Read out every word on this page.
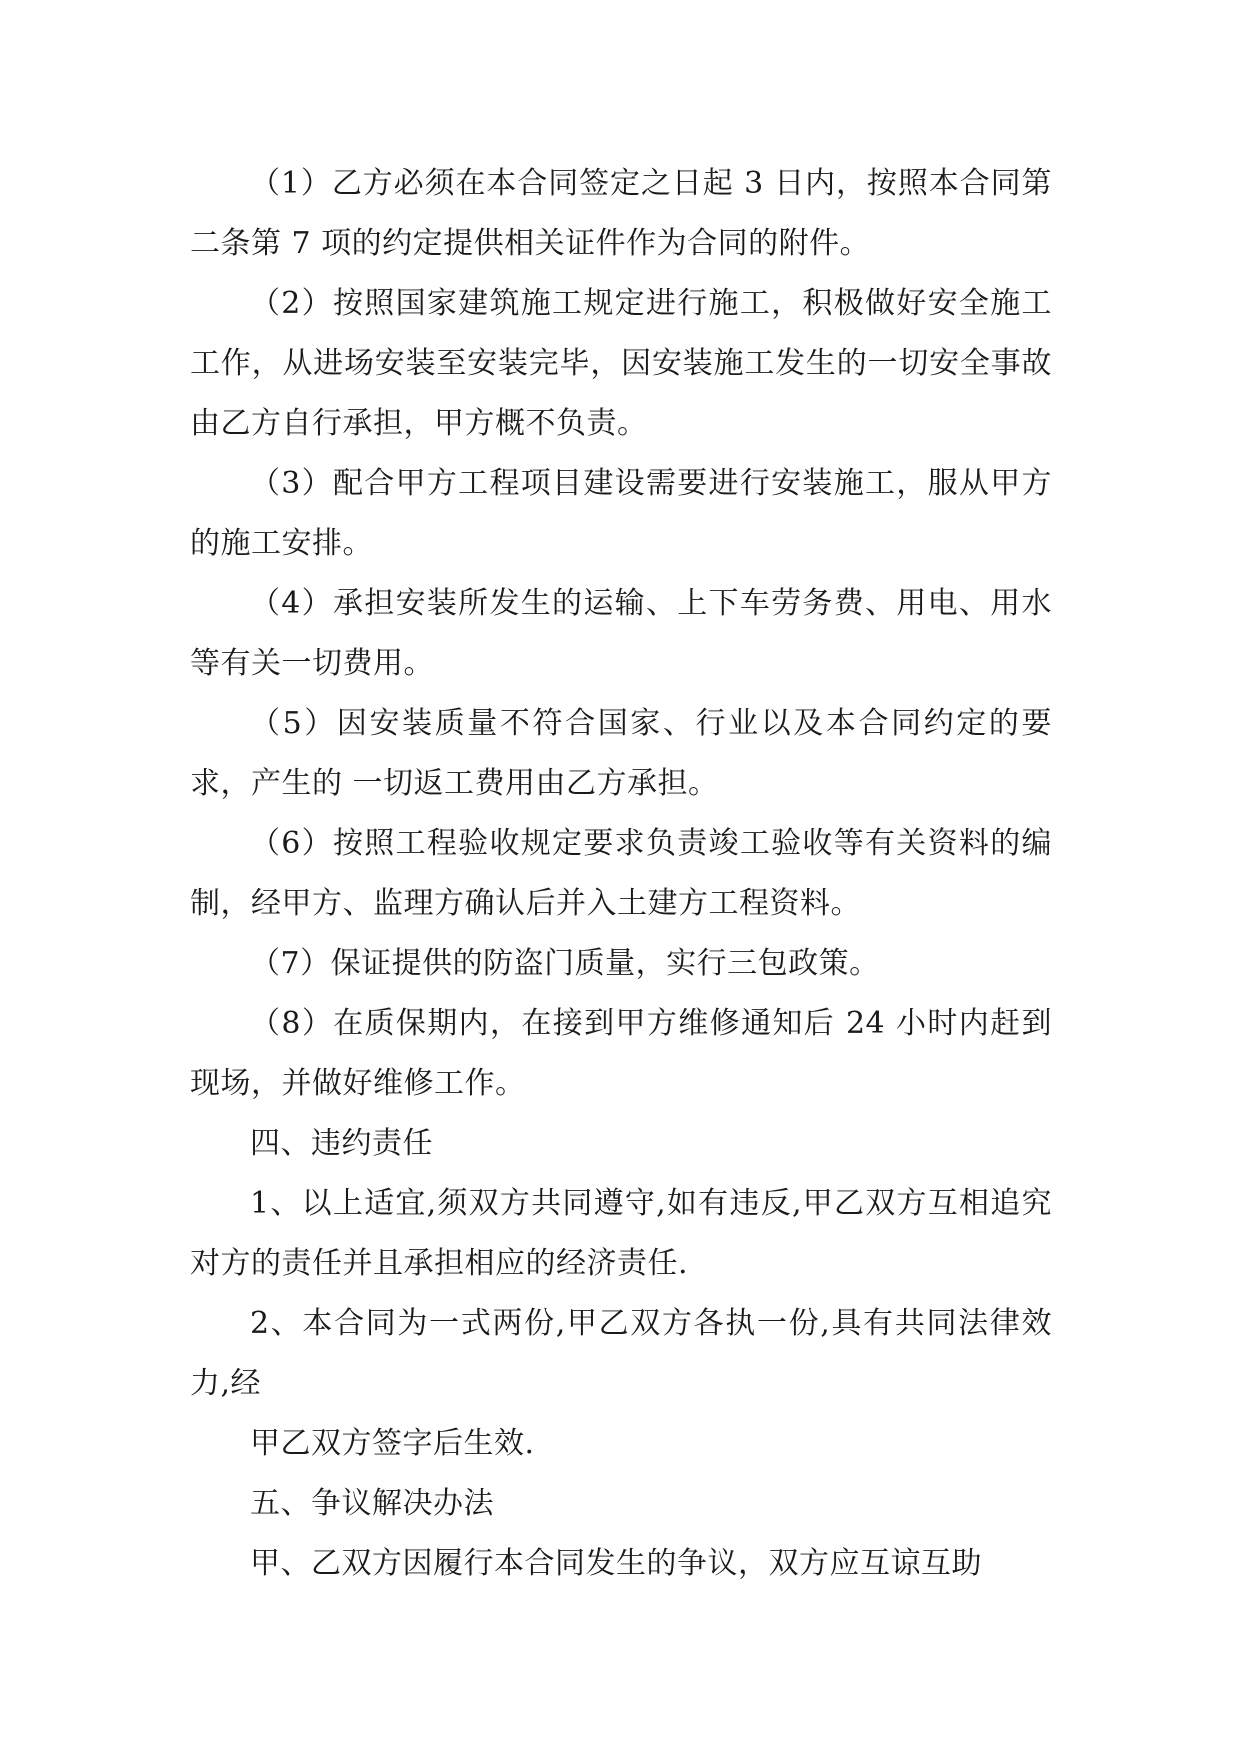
（1）乙方必须在本合同签定之日起 3 日内，按照本合同第二条第 7 项的约定提供相关证件作为合同的附件。

（2）按照国家建筑施工规定进行施工，积极做好安全施工工作，从进场安装至安装完毕，因安装施工发生的一切安全事故由乙方自行承担，甲方概不负责。

（3）配合甲方工程项目建设需要进行安装施工，服从甲方的施工安排。

（4）承担安装所发生的运输、上下车劳务费、用电、用水等有关一切费用。

（5）因安装质量不符合国家、行业以及本合同约定的要求，产生的 一切返工费用由乙方承担。

（6）按照工程验收规定要求负责竣工验收等有关资料的编制，经甲方、监理方确认后并入土建方工程资料。

（7）保证提供的防盗门质量，实行三包政策。

（8）在质保期内，在接到甲方维修通知后 24 小时内赶到现场，并做好维修工作。

四、违约责任

1、以上适宜,须双方共同遵守,如有违反,甲乙双方互相追究对方的责任并且承担相应的经济责任.

2、本合同为一式两份,甲乙双方各执一份,具有共同法律效力,经

甲乙双方签字后生效.

五、争议解决办法

甲、乙双方因履行本合同发生的争议，双方应互谅互助
